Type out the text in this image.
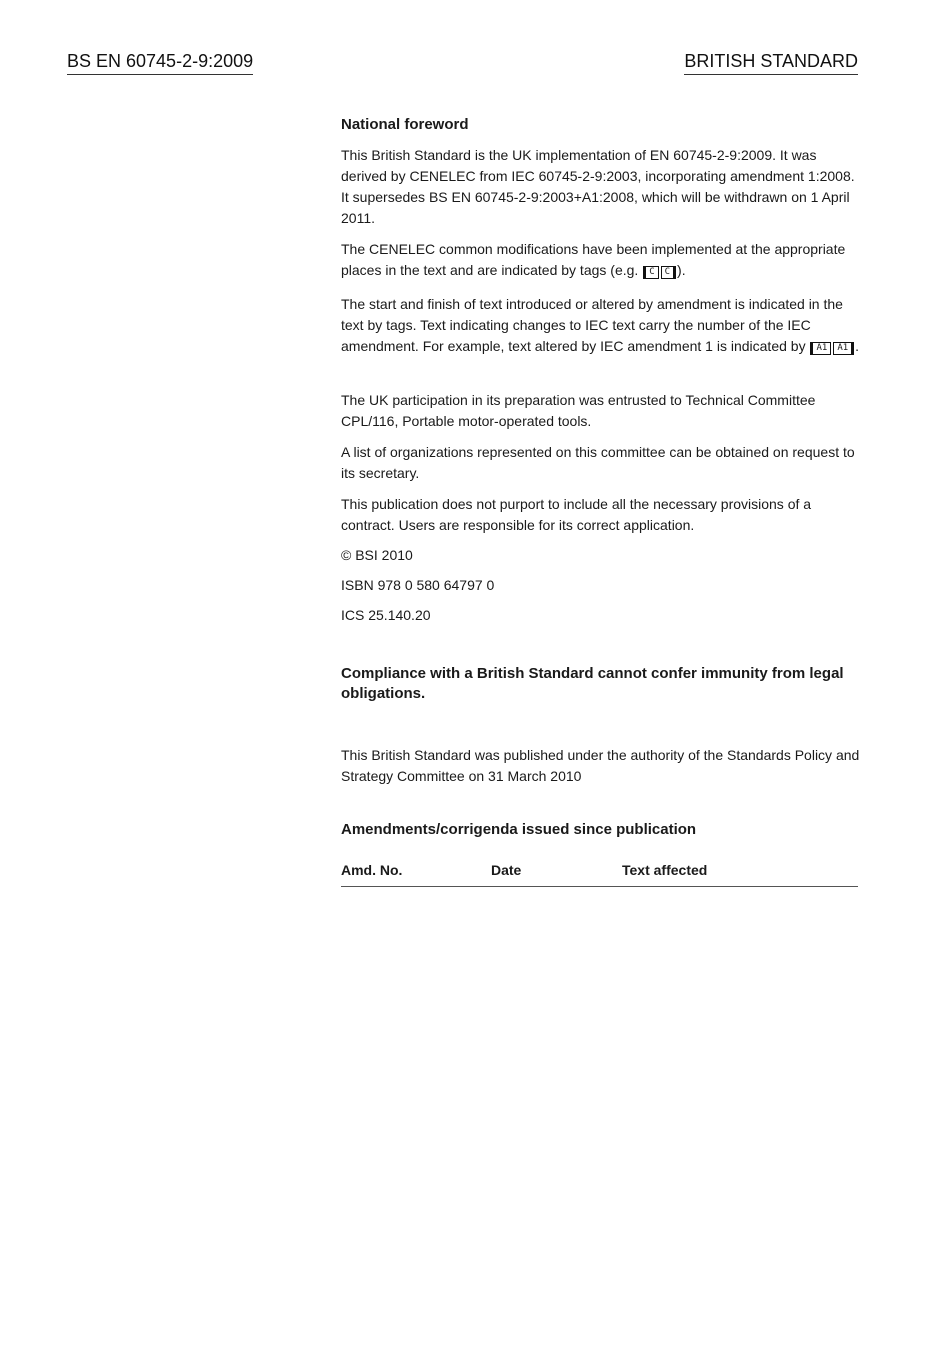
BS EN 60745-2-9:2009	BRITISH STANDARD

National foreword

This British Standard is the UK implementation of EN 60745-2-9:2009. It was derived by CENELEC from IEC 60745-2-9:2003, incorporating amendment 1:2008. It supersedes BS EN 60745-2-9:2003+A1:2008, which will be withdrawn on 1 April 2011.

The CENELEC common modifications have been implemented at the appropriate places in the text and are indicated by tags (e.g. C C ).

The start and finish of text introduced or altered by amendment is indicated in the text by tags. Text indicating changes to IEC text carry the number of the IEC amendment. For example, text altered by IEC amendment 1 is indicated by A1 A1 .

The UK participation in its preparation was entrusted to Technical Committee CPL/116, Portable motor-operated tools.

A list of organizations represented on this committee can be obtained on request to its secretary.

This publication does not purport to include all the necessary provisions of a contract. Users are responsible for its correct application.

© BSI 2010

ISBN 978 0 580 64797 0

ICS 25.140.20

Compliance with a British Standard cannot confer immunity from legal obligations.

This British Standard was published under the authority of the Standards Policy and Strategy Committee on 31 March 2010

Amendments/corrigenda issued since publication

Amd. No.	Date	Text affected
